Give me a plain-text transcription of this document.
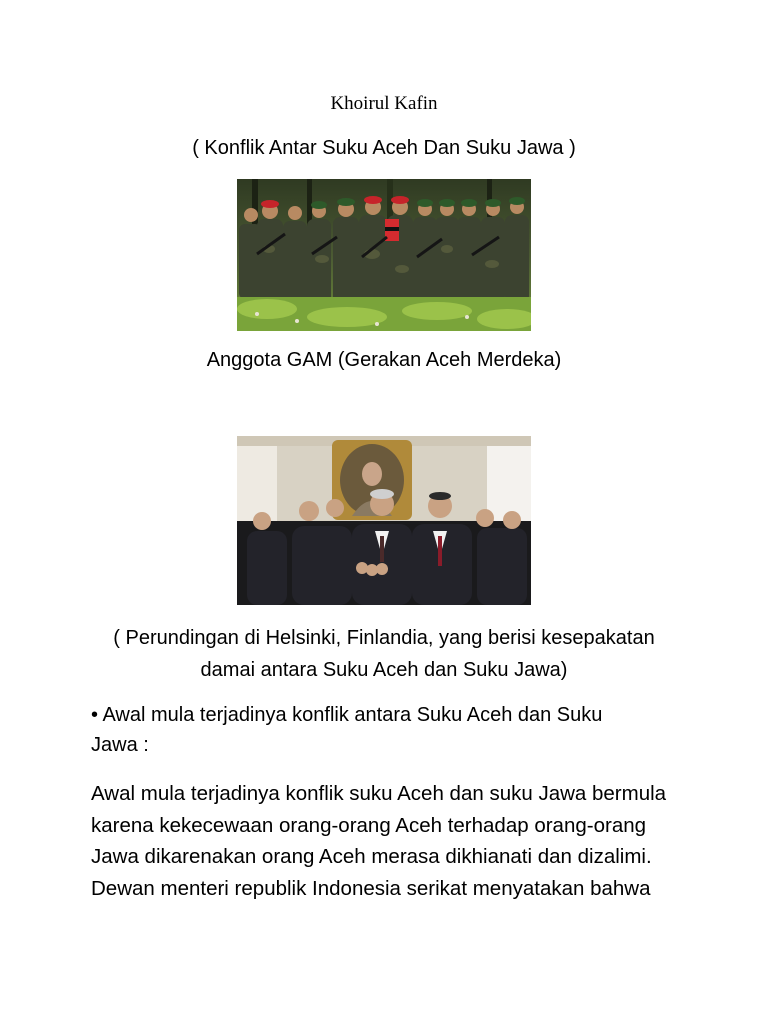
Khoirul Kafin
( Konflik Antar Suku Aceh Dan Suku Jawa )
Anggota GAM (Gerakan Aceh Merdeka)
( Perundingan di Helsinki, Finlandia, yang berisi kesepakatan
damai antara Suku Aceh dan Suku Jawa)
• Awal mula terjadinya konflik antara Suku Aceh dan Suku
Jawa :
Awal mula terjadinya konflik suku Aceh dan suku Jawa bermula
karena kekecewaan orang-orang Aceh terhadap orang-orang
Jawa dikarenakan orang Aceh merasa dikhianati dan dizalimi.
Dewan menteri republik Indonesia serikat menyatakan bahwa
